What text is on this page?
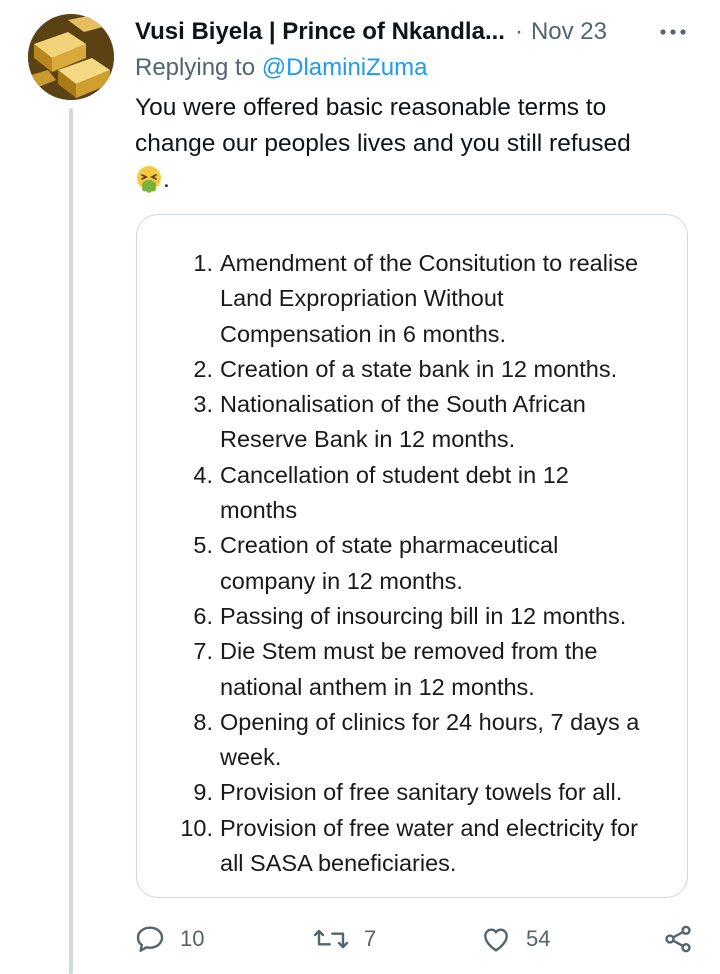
Vusi Biyela | Prince of Nkandla... · Nov 23
Replying to @DlaminiZuma
You were offered basic reasonable terms to
change our peoples lives and you still refused
.
1. Amendment of the Consitution to realise
Land Expropriation Without
Compensation in 6 months.
2. Creation of a state bank in 12 months.
3. Nationalisation of the South African
Reserve Bank in 12 months.
4. Cancellation of student debt in 12
months
5. Creation of state pharmaceutical
company in 12 months.
6. Passing of insourcing bill in 12 months.
7. Die Stem must be removed from the
national anthem in 12 months.
8. Opening of clinics for 24 hours, 7 days a
week.
9. Provision of free sanitary towels for all.
10. Provision of free water and electricity for
all SASA beneficiaries.
10	7	54
